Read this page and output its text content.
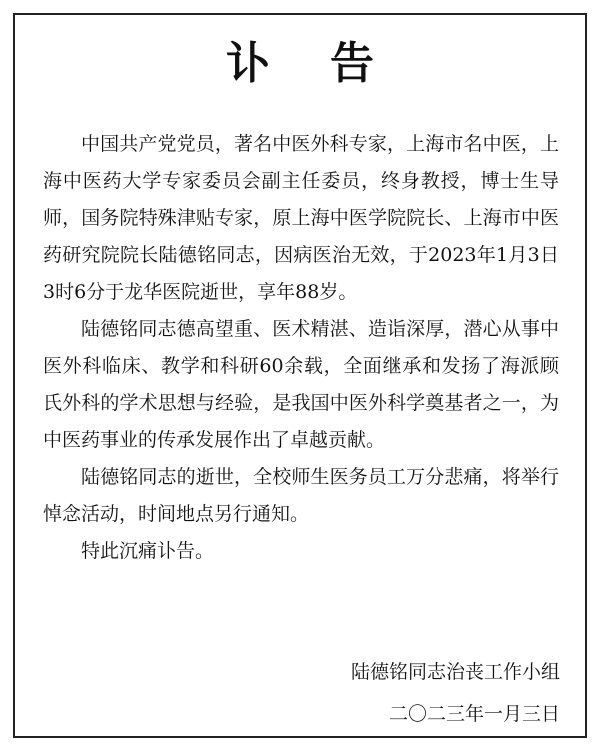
讣告

中国共产党党员，著名中医外科专家，上海市名中医，上海中医药大学专家委员会副主任委员，终身教授，博士生导师，国务院特殊津贴专家，原上海中医学院院长、上海市中医药研究院院长陆德铭同志，因病医治无效，于2023年1月3日3时6分于龙华医院逝世，享年88岁。

陆德铭同志德高望重、医术精湛、造诣深厚，潜心从事中医外科临床、教学和科研60余载，全面继承和发扬了海派顾氏外科的学术思想与经验，是我国中医外科学奠基者之一，为中医药事业的传承发展作出了卓越贡献。

陆德铭同志的逝世，全校师生医务员工万分悲痛，将举行悼念活动，时间地点另行通知。

特此沉痛讣告。

陆德铭同志治丧工作小组
二〇二三年一月三日
